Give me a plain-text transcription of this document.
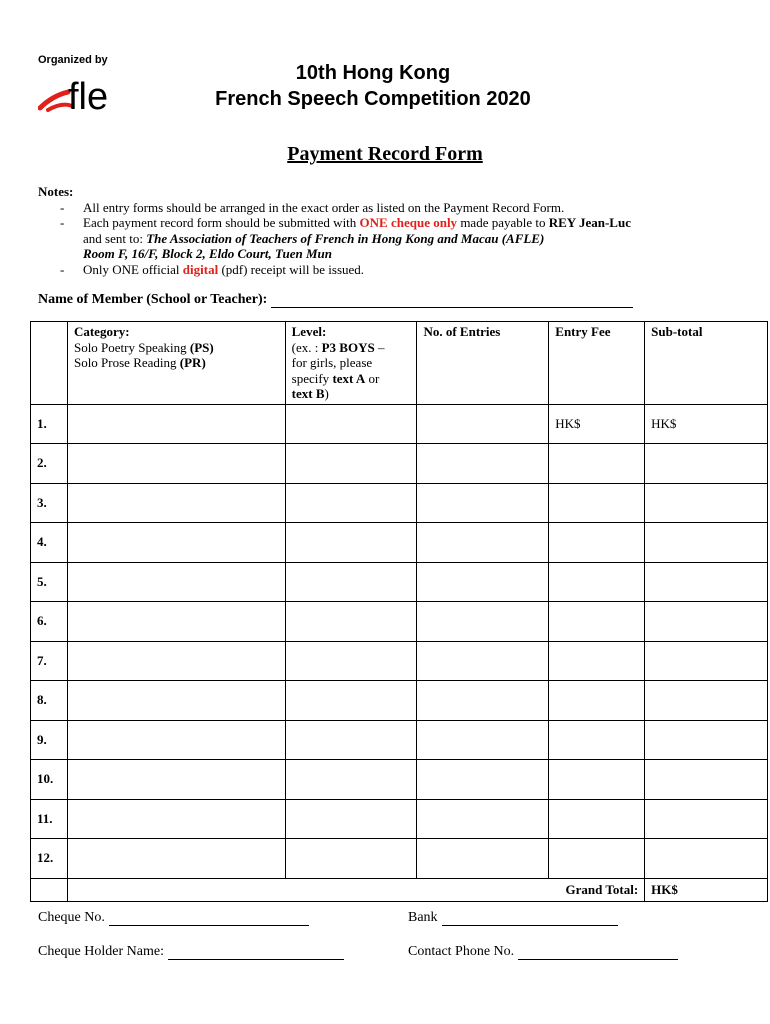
Organized by
fle
10th Hong Kong
French Speech Competition 2020
Payment Record Form
Notes:
- All entry forms should be arranged in the exact order as listed on the Payment Record Form.
- Each payment record form should be submitted with ONE cheque only made payable to REY Jean-Luc
and sent to: The Association of Teachers of French in Hong Kong and Macau (AFLE)
Room F, 16/F, Block 2, Eldo Court, Tuen Mun
- Only ONE official digital (pdf) receipt will be issued.
Name of Member (School or Teacher):
	Category:
Solo Poetry Speaking (PS)
Solo Prose Reading (PR)	Level:
(ex. : P3 BOYS –
for girls, please
specify text A or
text B)	No. of Entries	Entry Fee	Sub-total
1.				HK$	HK$
2.					
3.					
4.					
5.					
6.					
7.					
8.					
9.					
10.					
11.					
12.					
	Grand Total:				HK$
Cheque No.	Bank
Cheque Holder Name:	Contact Phone No.
